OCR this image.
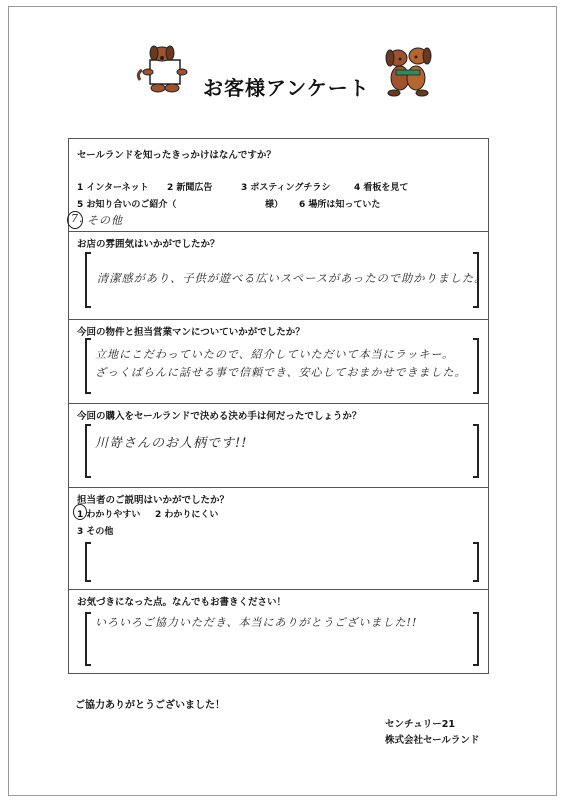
お客様アンケート
セールランドを知ったきっかけはなんですか？
1 インターネット 2 新聞広告	3 ポスティングチラシ	4 看板を見て
5 お知り合いのご紹介（	様） 6 場所は知っていた
7. その他
お店の雰囲気はいかがでしたか？
清潔感があり、子供が遊べる広いスペースがあったので助かりました。
今回の物件と担当営業マンについていかがでしたか？
立地にこだわっていたので、紹介していただいて本当にラッキー。
ざっくばらんに話せる事で信頼でき、安心しておまかせできました。
今回の購入をセールランドで決める決め手は何だったでしょうか？
川嵜さんのお人柄です!!
担当者のご説明はいかがでしたか？
1 わかりやすい 2 わかりにくい
3 その他
お気づきになった点。なんでもお書きください！
いろいろご協力いただき、本当にありがとうございました!!
ご協力ありがとうございました！
センチュリー21
株式会社セールランド
